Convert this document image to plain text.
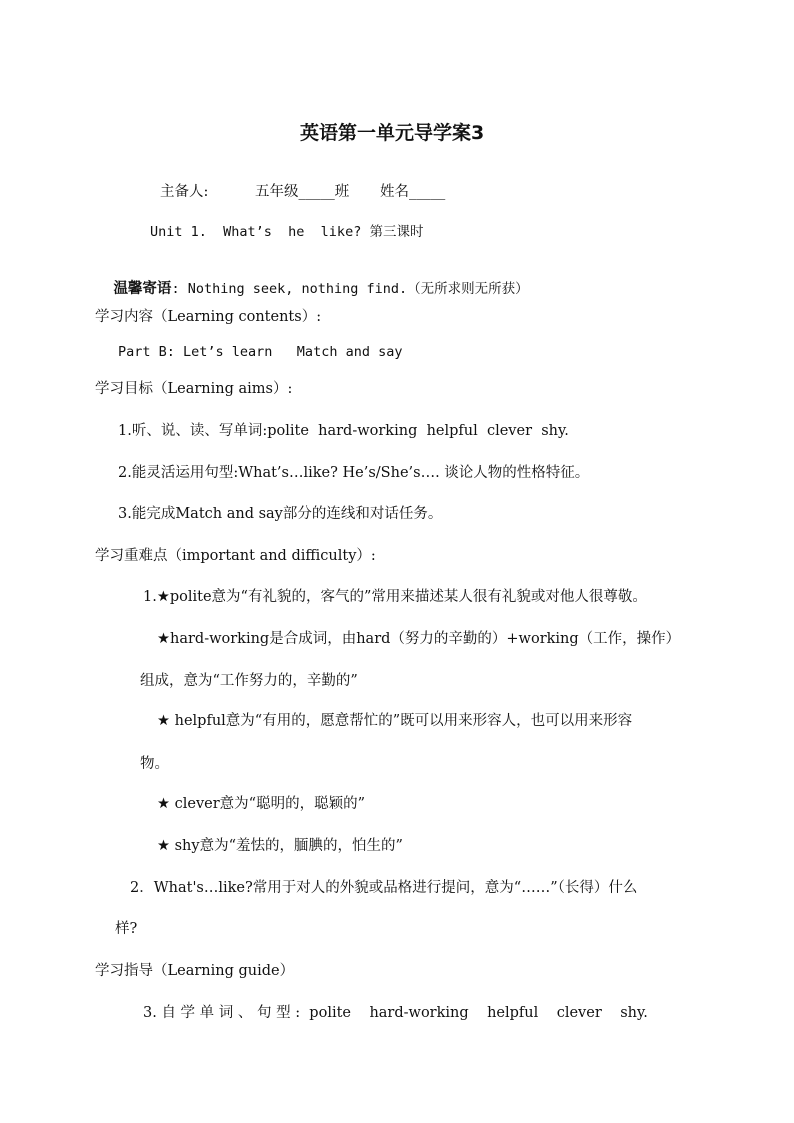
英语第一单元导学案3
主备人:	五年级_____班 姓名_____
Unit 1.  What’s  he  like? 第三课时

温馨寄语: Nothing seek, nothing find.（无所求则无所获）

学习内容（Learning contents）:
Part B: Let’s learn   Match and say
学习目标（Learning aims）:
1.听、说、读、写单词:polite  hard-working  helpful  clever  shy.
2.能灵活运用句型:What’s…like? He’s/She’s…. 谈论人物的性格特征。
3.能完成Match and say部分的连线和对话任务。
学习重难点（important and difficulty）:
1.★polite意为“有礼貌的，客气的”常用来描述某人很有礼貌或对他人很尊敬。
★hard-working是合成词，由hard（努力的辛勤的）+working（工作，操作）
组成，意为“工作努力的，辛勤的”
★ helpful意为“有用的，愿意帮忙的”既可以用来形容人，也可以用来形容
物。
★ clever意为“聪明的，聪颖的”
★ shy意为“羞怯的，腼腆的，怕生的”
2．What's…like?常用于对人的外貌或品格进行提问，意为“……”（长得）什么
样?
学习指导（Learning guide）
3. 自 学 单 词 、 句 型 :  polite    hard-working    helpful    clever    shy.
